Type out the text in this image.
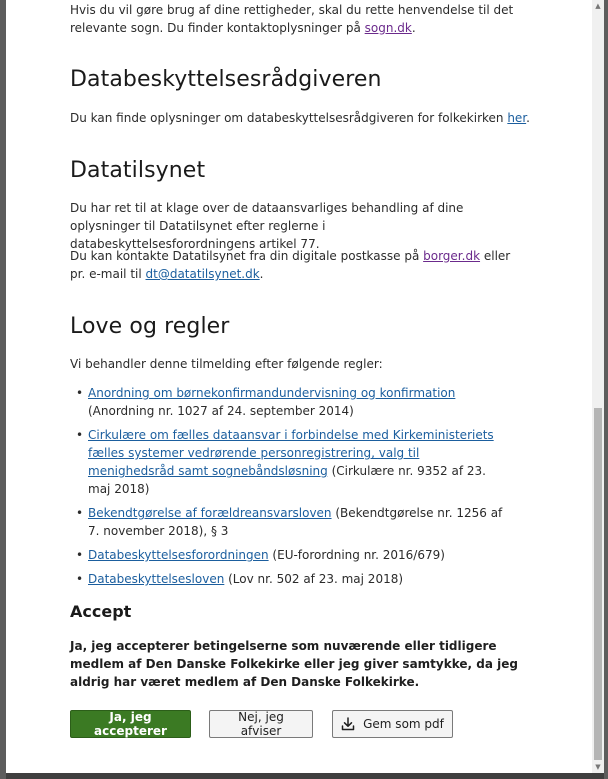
Hvis du vil gøre brug af dine rettigheder, skal du rette henvendelse til det relevante sogn. Du finder kontaktoplysninger på sogn.dk.

Databeskyttelsesrådgiveren

Du kan finde oplysninger om databeskyttelsesrådgiveren for folkekirken her.

Datatilsynet

Du har ret til at klage over de dataansvarliges behandling af dine oplysninger til Datatilsynet efter reglerne i databeskyttelsesforordningens artikel 77.

Du kan kontakte Datatilsynet fra din digitale postkasse på borger.dk eller pr. e-mail til dt@datatilsynet.dk.

Love og regler

Vi behandler denne tilmelding efter følgende regler:

• Anordning om børnekonfirmandundervisning og konfirmation (Anordning nr. 1027 af 24. september 2014)
• Cirkulære om fælles dataansvar i forbindelse med Kirkeministeriets fælles systemer vedrørende personregistrering, valg til menighedsråd samt sognebåndsløsning (Cirkulære nr. 9352 af 23. maj 2018)
• Bekendtgørelse af forældreansvarsloven (Bekendtgørelse nr. 1256 af 7. november 2018), § 3
• Databeskyttelsesforordningen (EU-forordning nr. 2016/679)
• Databeskyttelsesloven (Lov nr. 502 af 23. maj 2018)
Accept

Ja, jeg accepterer betingelserne som nuværende eller tidligere medlem af Den Danske Folkekirke eller jeg giver samtykke, da jeg aldrig har været medlem af Den Danske Folkekirke.

Ja, jeg accepterer
Nej, jeg afviser	Gem som pdf
▲
▼
